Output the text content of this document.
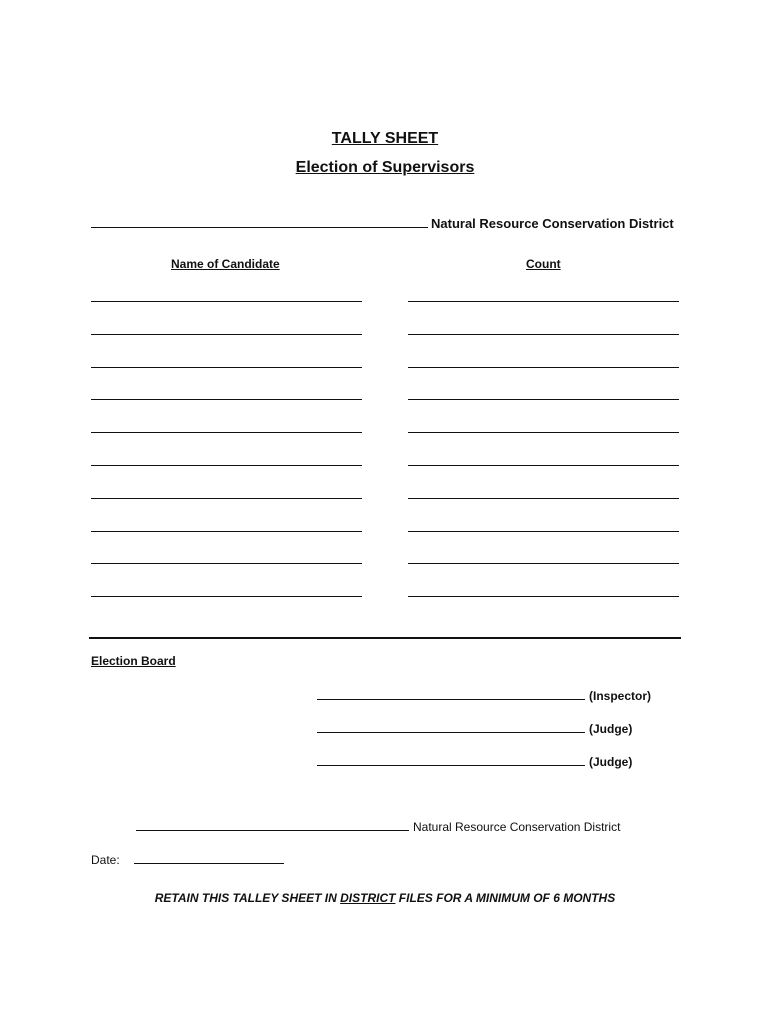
TALLY SHEET
Election of Supervisors
Natural Resource Conservation District
Name of Candidate	Count
Election Board
(Inspector)
(Judge)
(Judge)
Natural Resource Conservation District
Date:
RETAIN THIS TALLEY SHEET IN DISTRICT FILES FOR A MINIMUM OF 6 MONTHS
